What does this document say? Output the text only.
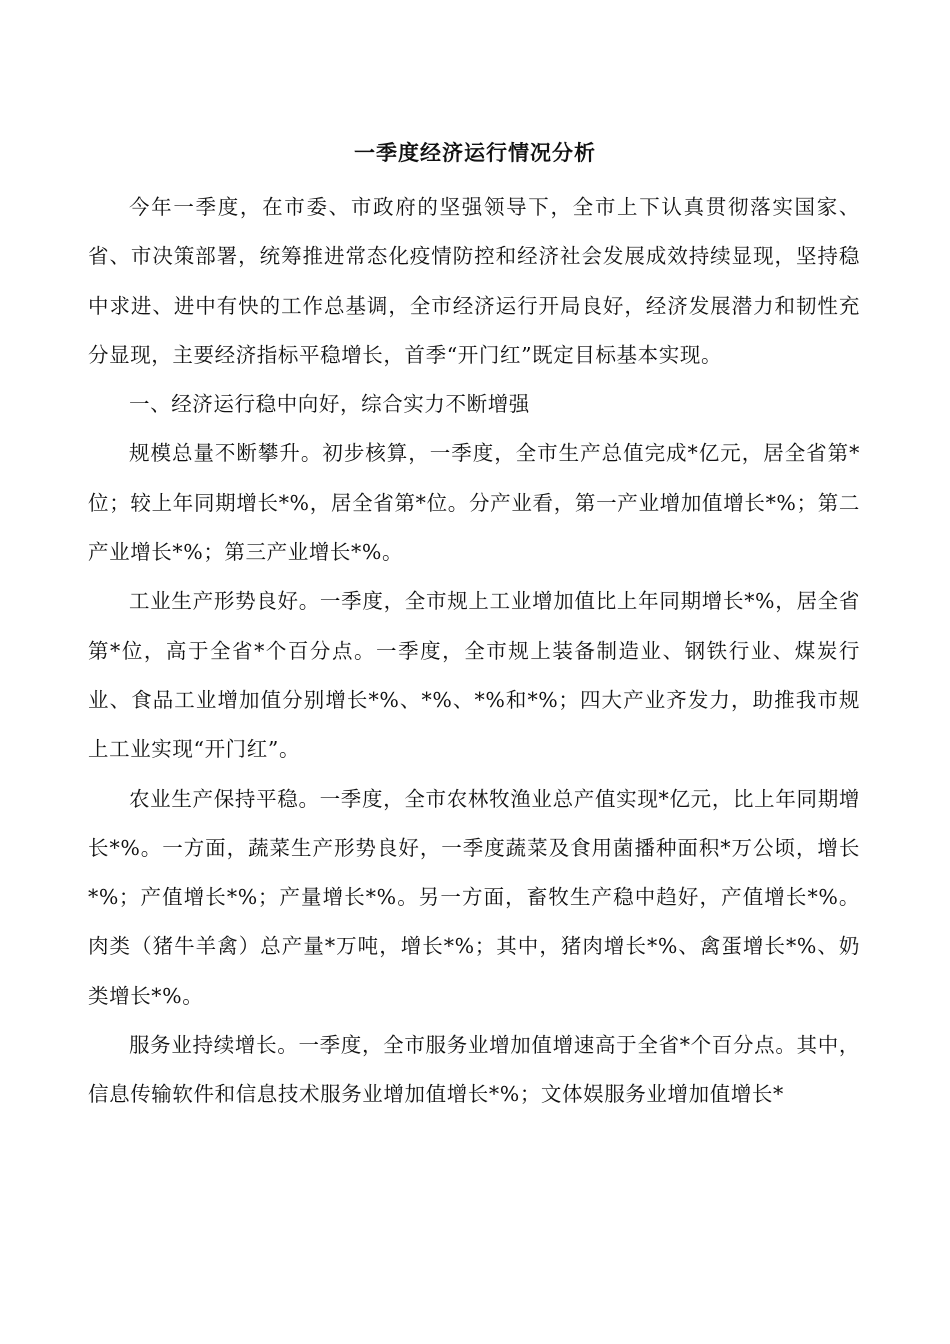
一季度经济运行情况分析

今年一季度，在市委、市政府的坚强领导下，全市上下认真贯彻落实国家、省、市决策部署，统筹推进常态化疫情防控和经济社会发展成效持续显现，坚持稳中求进、进中有快的工作总基调，全市经济运行开局良好，经济发展潜力和韧性充分显现，主要经济指标平稳增长，首季“开门红”既定目标基本实现。

一、经济运行稳中向好，综合实力不断增强

规模总量不断攀升。初步核算，一季度，全市生产总值完成*亿元，居全省第*位；较上年同期增长*%，居全省第*位。分产业看，第一产业增加值增长*%；第二产业增长*%；第三产业增长*%。

工业生产形势良好。一季度，全市规上工业增加值比上年同期增长*%，居全省第*位，高于全省*个百分点。一季度，全市规上装备制造业、钢铁行业、煤炭行业、食品工业增加值分别增长*%、*%、*%和*%；四大产业齐发力，助推我市规上工业实现“开门红”。

农业生产保持平稳。一季度，全市农林牧渔业总产值实现*亿元，比上年同期增长*%。一方面，蔬菜生产形势良好，一季度蔬菜及食用菌播种面积*万公顷，增长*%；产值增长*%；产量增长*%。另一方面，畜牧生产稳中趋好，产值增长*%。肉类（猪牛羊禽）总产量*万吨，增长*%；其中，猪肉增长*%、禽蛋增长*%、奶类增长*%。

服务业持续增长。一季度，全市服务业增加值增速高于全省*个百分点。其中，信息传输软件和信息技术服务业增加值增长*%；文体娱服务业增加值增长*
